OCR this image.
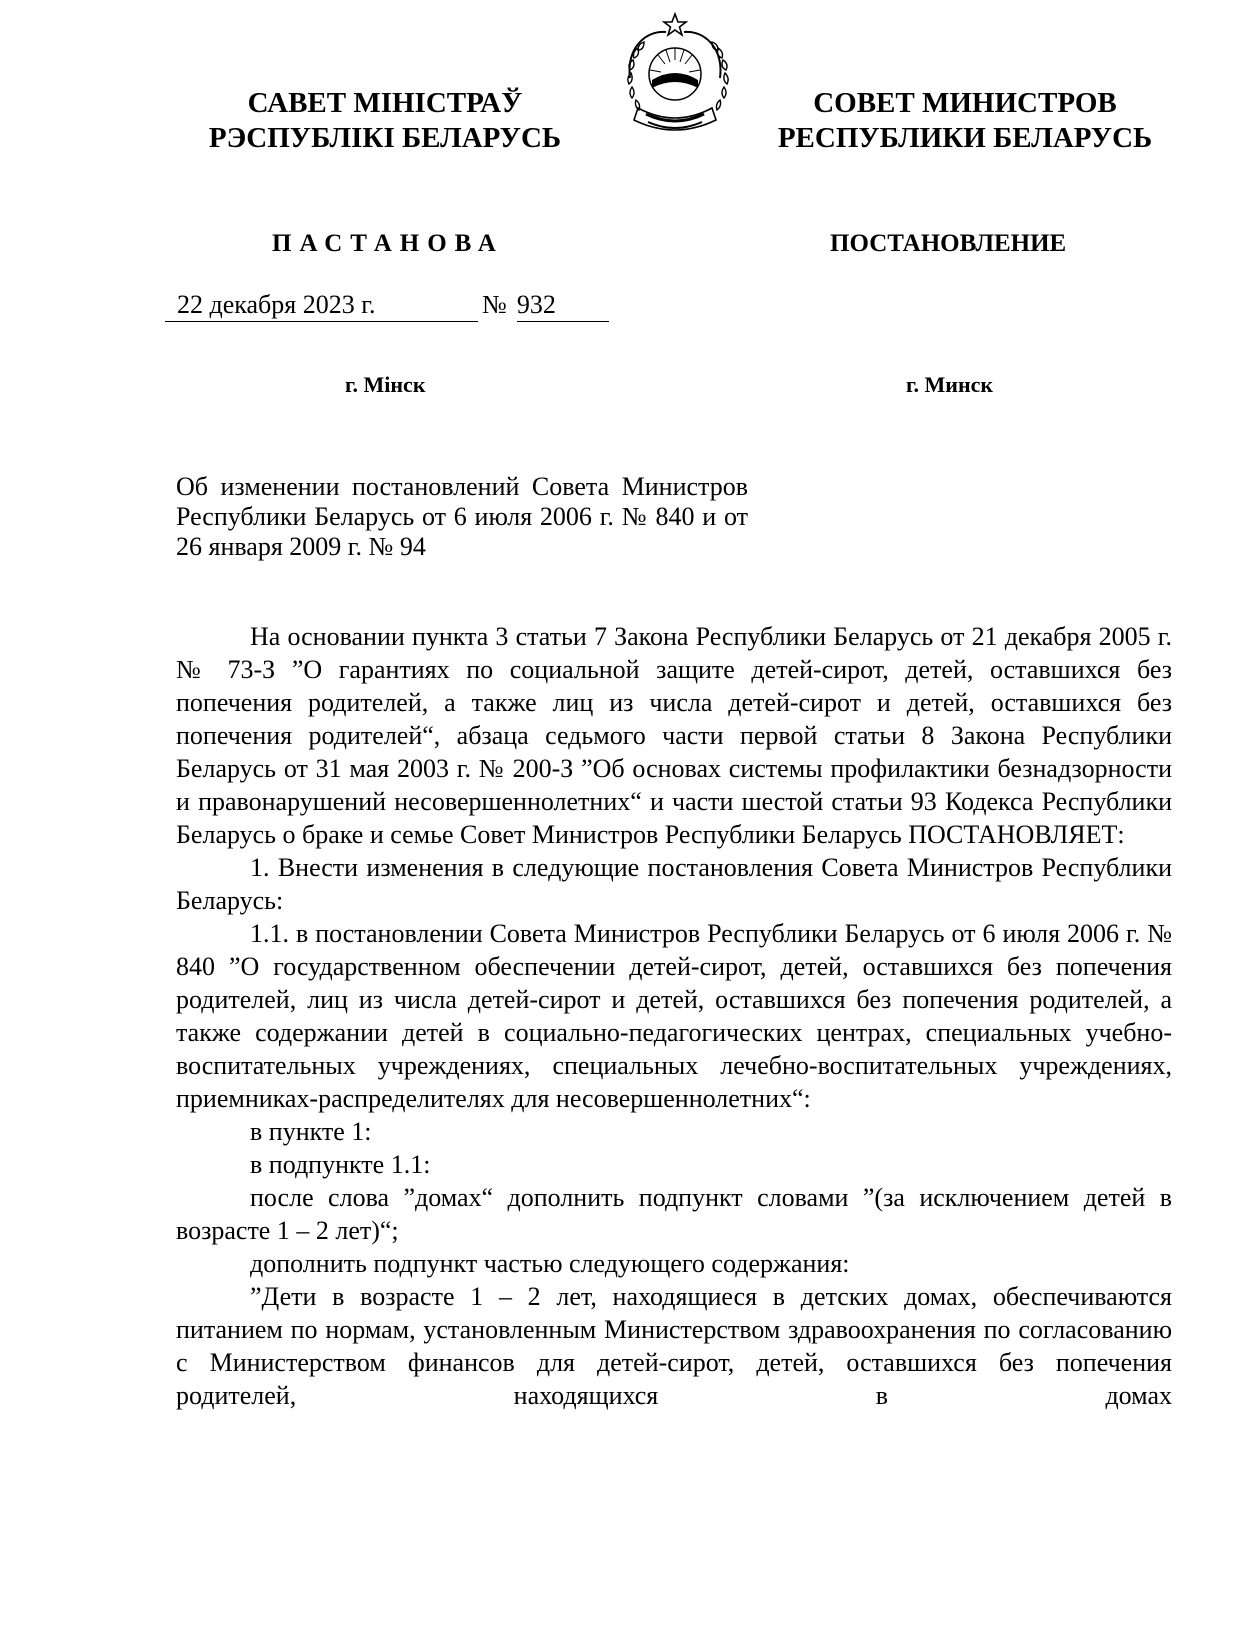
САВЕТ МІНІСТРАЎ
РЭСПУБЛІКІ БЕЛАРУСЬ
СОВЕТ МИНИСТРОВ
РЕСПУБЛИКИ БЕЛАРУСЬ
ПАСТАНОВА	ПОСТАНОВЛЕНИЕ
22 декабря 2023 г.	№ 932
г. Мінск	г. Минск
Об изменении постановлений Совета Министров Республики Беларусь от 6 июля 2006 г. № 840 и от 26 января 2009 г. № 94

На основании пункта 3 статьи 7 Закона Республики Беларусь от 21 декабря 2005 г. № 73-З ”О гарантиях по социальной защите детей-сирот, детей, оставшихся без попечения родителей, а также лиц из числа детей-сирот и детей, оставшихся без попечения родителей“, абзаца седьмого части первой статьи 8 Закона Республики Беларусь от 31 мая 2003 г. № 200-З ”Об основах системы профилактики безнадзорности и правонарушений несовершеннолетних“ и части шестой статьи 93 Кодекса Республики Беларусь о браке и семье Совет Министров Республики Беларусь ПОСТАНОВЛЯЕТ:

1. Внести изменения в следующие постановления Совета Министров Республики Беларусь:

1.1. в постановлении Совета Министров Республики Беларусь от 6 июля 2006 г. № 840 ”О государственном обеспечении детей-сирот, детей, оставшихся без попечения родителей, лиц из числа детей-сирот и детей, оставшихся без попечения родителей, а также содержании детей в социально-педагогических центрах, специальных учебно-воспитательных учреждениях, специальных лечебно-воспитательных учреждениях, приемниках-распределителях для несовершеннолетних“:

в пункте 1:

в подпункте 1.1:

после слова ”домах“ дополнить подпункт словами ”(за исключением детей в возрасте 1 – 2 лет)“;

дополнить подпункт частью следующего содержания:

”Дети в возрасте 1 – 2 лет, находящиеся в детских домах, обеспечиваются питанием по нормам, установленным Министерством здравоохранения по согласованию с Министерством финансов для детей-сирот, детей, оставшихся без попечения родителей, находящихся в домах
